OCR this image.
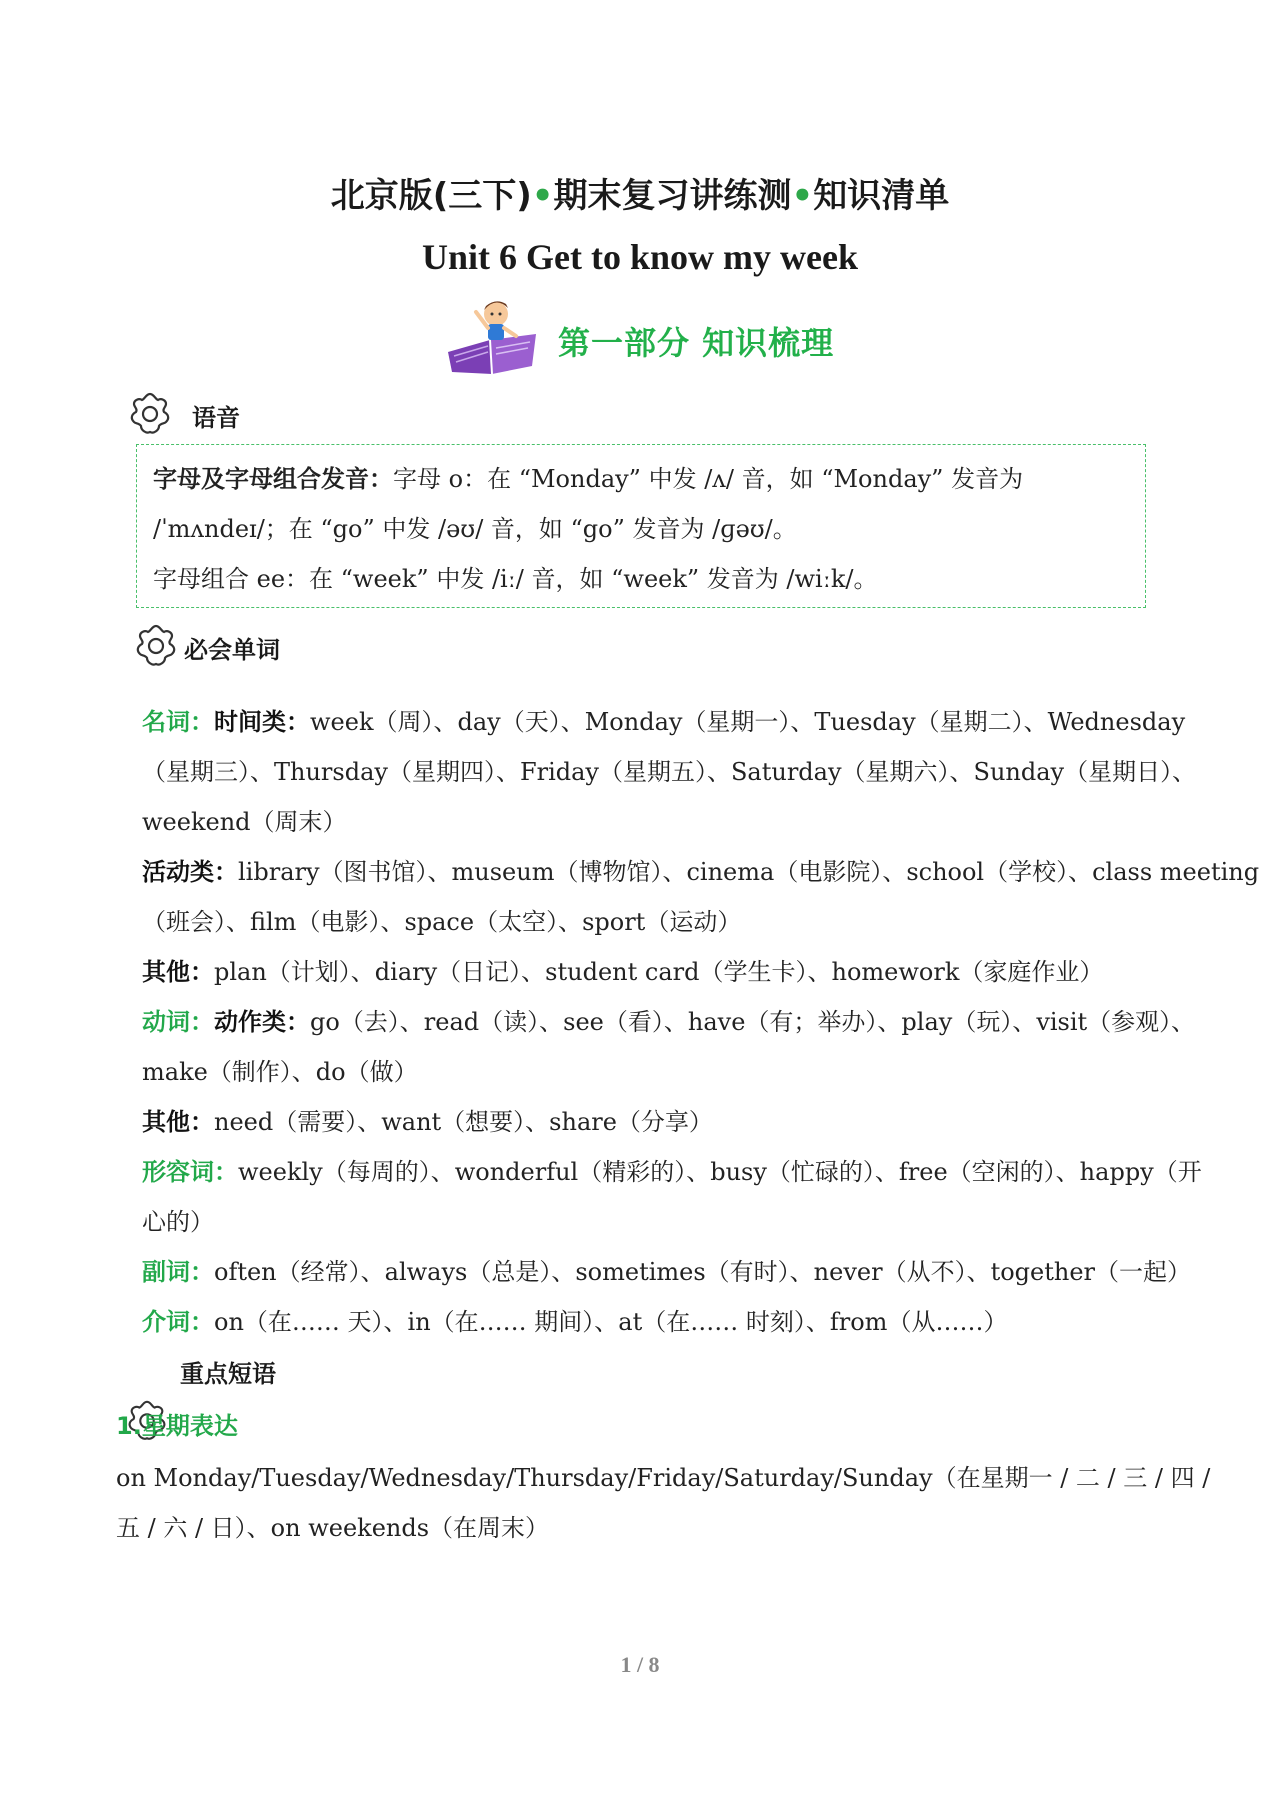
北京版(三下)•期末复习讲练测•知识清单
Unit 6 Get to know my week
第一部分 知识梳理
语音
字母及字母组合发音：字母 o：在 “Monday” 中发 /ʌ/ 音，如 “Monday” 发音为
/ˈmʌndeɪ/；在 “go” 中发 /əʊ/ 音，如 “go” 发音为 /ɡəʊ/。
字母组合 ee：在 “week” 中发 /iː/ 音，如 “week” 发音为 /wiːk/。
必会单词
名词：时间类：week（周）、day（天）、Monday（星期一）、Tuesday（星期二）、Wednesday
（星期三）、Thursday（星期四）、Friday（星期五）、Saturday（星期六）、Sunday（星期日）、
weekend（周末）
活动类：library（图书馆）、museum（博物馆）、cinema（电影院）、school（学校）、class meeting
（班会）、film（电影）、space（太空）、sport（运动）
其他：plan（计划）、diary（日记）、student card（学生卡）、homework（家庭作业）
动词：动作类：go（去）、read（读）、see（看）、have（有；举办）、play（玩）、visit（参观）、
make（制作）、do（做）
其他：need（需要）、want（想要）、share（分享）
形容词：weekly（每周的）、wonderful（精彩的）、busy（忙碌的）、free（空闲的）、happy（开
心的）
副词：often（经常）、always（总是）、sometimes（有时）、never（从不）、together（一起）
介词：on（在…… 天）、in（在…… 期间）、at（在…… 时刻）、from（从……）
重点短语
1.星期表达
on Monday/Tuesday/Wednesday/Thursday/Friday/Saturday/Sunday（在星期一 / 二 / 三 / 四 /
五 / 六 / 日）、on weekends（在周末）
1 / 8
